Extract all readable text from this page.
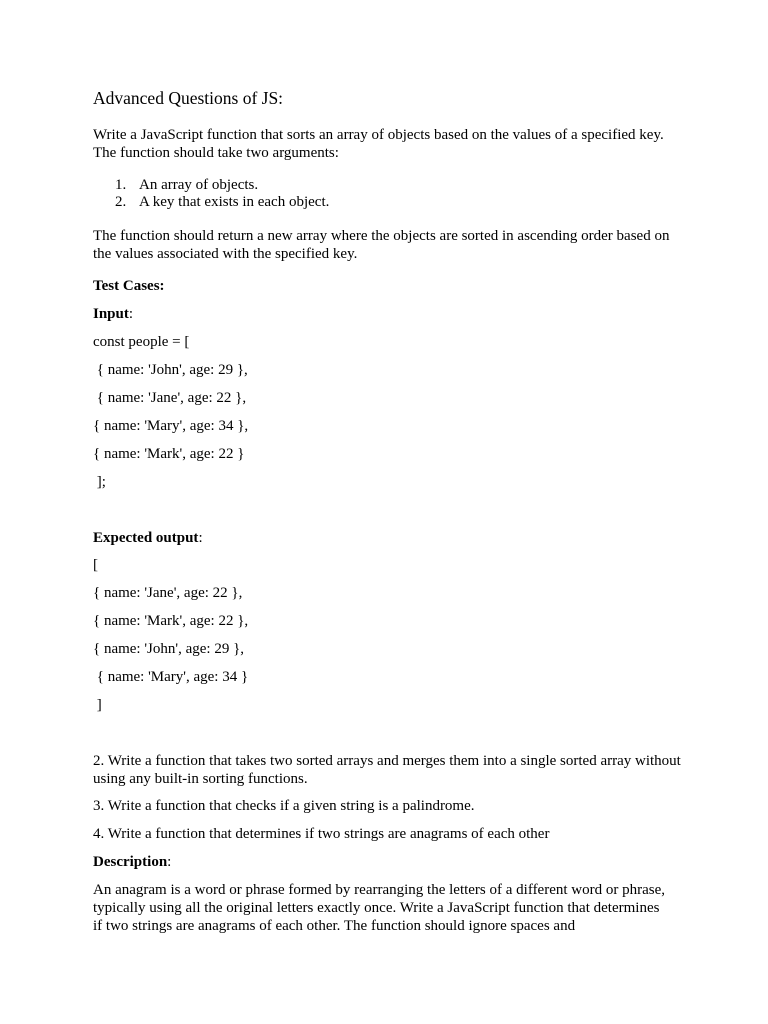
Advanced Questions of JS:
Write a JavaScript function that sorts an array of objects based on the values of a specified key. The function should take two arguments:
1. An array of objects.
2. A key that exists in each object.
The function should return a new array where the objects are sorted in ascending order based on the values associated with the specified key.
Test Cases:
Input:
const people = [
{ name: 'John', age: 29 },
{ name: 'Jane', age: 22 },
{ name: 'Mary', age: 34 },
{ name: 'Mark', age: 22 }
];
Expected output:
[
{ name: 'Jane', age: 22 },
{ name: 'Mark', age: 22 },
{ name: 'John', age: 29 },
{ name: 'Mary', age: 34 }
]
2. Write a function that takes two sorted arrays and merges them into a single sorted array without using any built-in sorting functions.
3. Write a function that checks if a given string is a palindrome.
4. Write a function that determines if two strings are anagrams of each other
Description:
An anagram is a word or phrase formed by rearranging the letters of a different word or phrase, typically using all the original letters exactly once. Write a JavaScript function that determines if two strings are anagrams of each other. The function should ignore spaces and
